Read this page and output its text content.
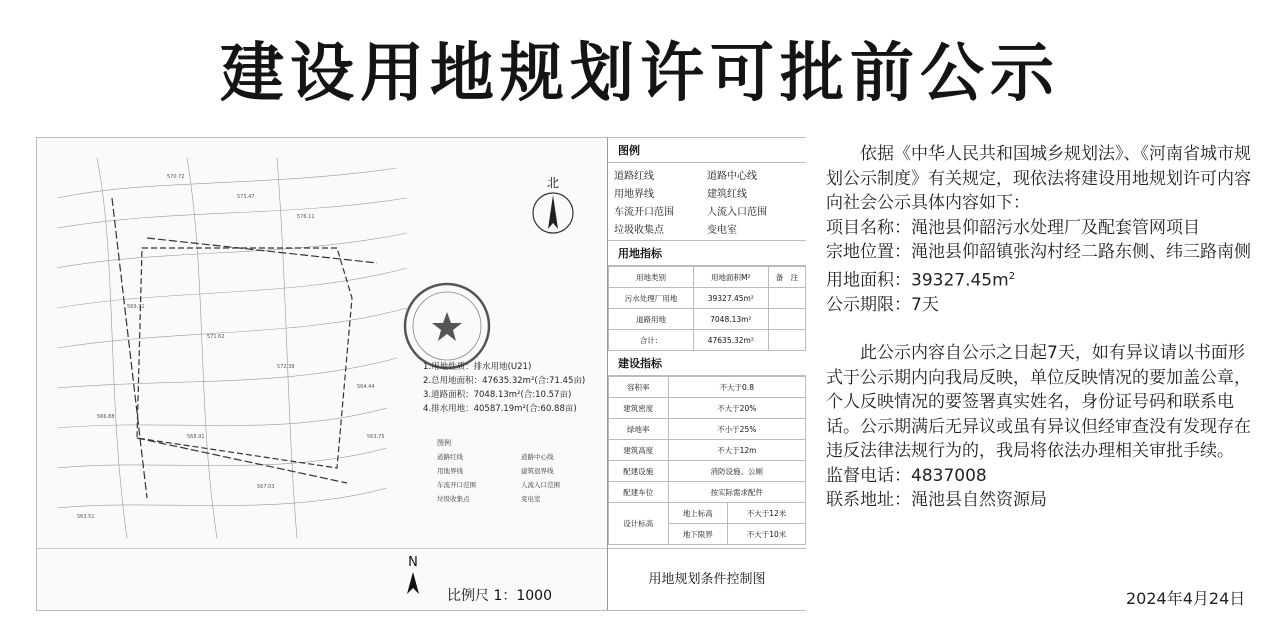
建设用地规划许可批前公示
570.72
573.47
576.11
569.71
571.62
572.38
566.88
568.91
567.03
564.44
563.75
563.51
北
1.用地性质：排水用地(U21)
2.总用地面积：47635.32m²(合:71.45亩)
3.道路面积：7048.13m²(合:10.57亩)
4.排水用地：40587.19m²(合:60.88亩)
图例
道路红线	道路中心线
用地界线	建筑退界线
车流开口范围	人流入口范围
垃圾收集点	变电室
N
比例尺 1：1000
图例
道路红线	道路中心线
用地界线	建筑红线
车流开口范围	人流入口范围
垃圾收集点	变电室
用地指标
用地类别	用地面积M²	备　注
污水处理厂用地	39327.45m²	
道路用地	7048.13m²	
合计：	47635.32m²	
建设指标
容积率	不大于0.8	
建筑密度	不大于20%	
绿地率	不小于25%	
建筑高度	不大于12m	
配建设施	消防设施、公厕	
配建车位	按实际需求配件	
设计标高	地上标高	不大于12米
	地下限界	不大于10米
用地规划条件控制图
依据《中华人民共和国城乡规划法》、《河南省城市规划公示制度》有关规定，现依法将建设用地规划许可内容向社会公示具体内容如下：
项目名称：渑池县仰韶污水处理厂及配套管网项目
宗地位置：渑池县仰韶镇张沟村经二路东侧、纬三路南侧
用地面积：$39327.45m^2$
公示期限：7天
此公示内容自公示之日起7天，如有异议请以书面形式于公示期内向我局反映，单位反映情况的要加盖公章，个人反映情况的要签署真实姓名，身份证号码和联系电话。公示期满后无异议或虽有异议但经审查没有发现存在违反法律法规行为的，我局将依法办理相关审批手续。
监督电话：4837008
联系地址：渑池县自然资源局
2024年4月24日
